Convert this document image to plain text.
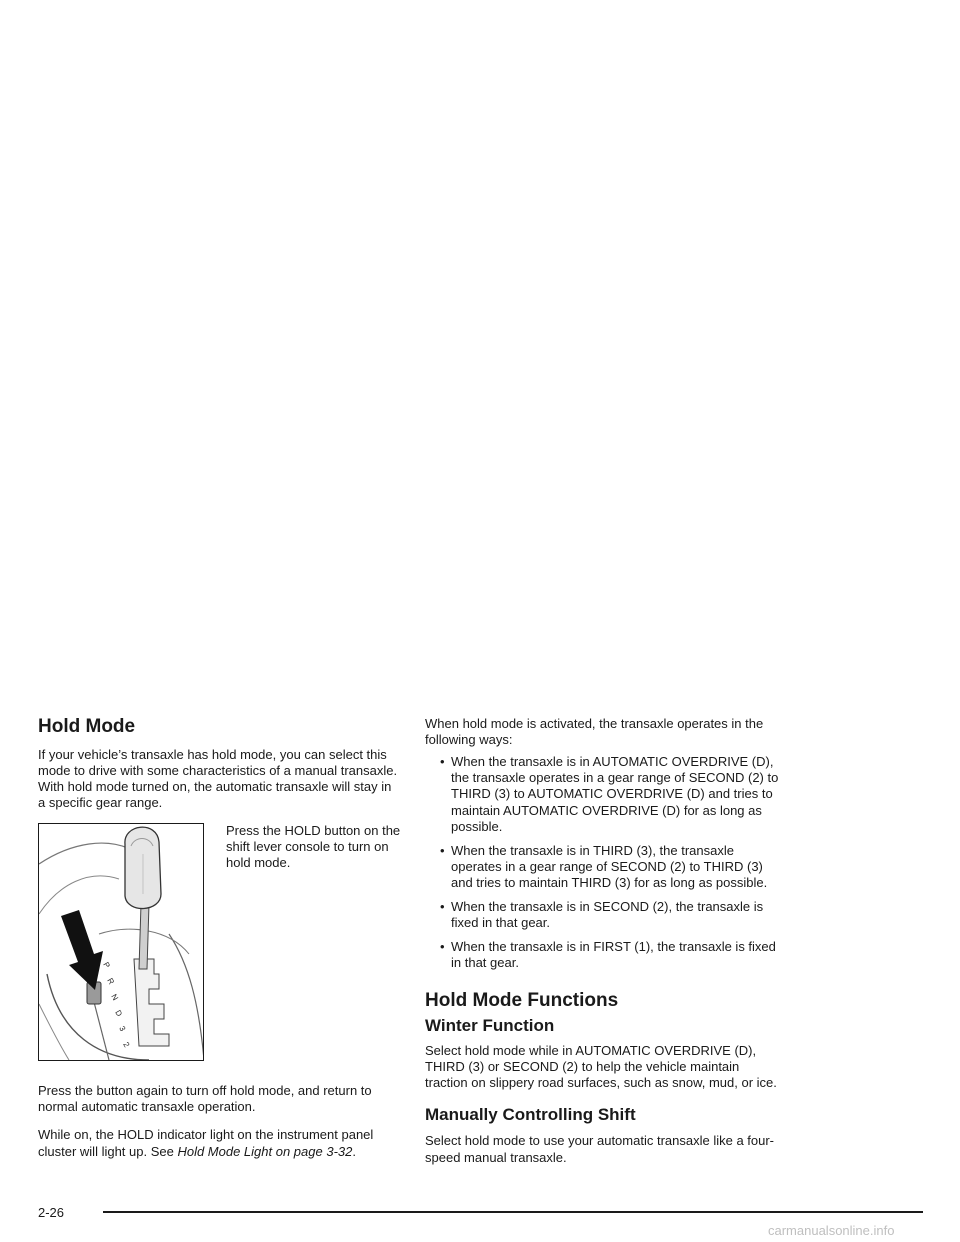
Hold Mode

If your vehicle’s transaxle has hold mode, you can select this mode to drive with some characteristics of a manual transaxle. With hold mode turned on, the automatic transaxle will stay in a specific gear range.

P
R
N
D
3
2

Press the HOLD button on the shift lever console to turn on hold mode.

Press the button again to turn off hold mode, and return to normal automatic transaxle operation.

While on, the HOLD indicator light on the instrument panel cluster will light up. See Hold Mode Light on page 3-32.

When hold mode is activated, the transaxle operates in the following ways:

• When the transaxle is in AUTOMATIC OVERDRIVE (D), the transaxle operates in a gear range of SECOND (2) to THIRD (3) to AUTOMATIC OVERDRIVE (D) and tries to maintain AUTOMATIC OVERDRIVE (D) for as long as possible.
• When the transaxle is in THIRD (3), the transaxle operates in a gear range of SECOND (2) to THIRD (3) and tries to maintain THIRD (3) for as long as possible.
• When the transaxle is in SECOND (2), the transaxle is fixed in that gear.
• When the transaxle is in FIRST (1), the transaxle is fixed in that gear.
Hold Mode Functions
Winter Function

Select hold mode while in AUTOMATIC OVERDRIVE (D), THIRD (3) or SECOND (2) to help the vehicle maintain traction on slippery road surfaces, such as snow, mud, or ice.

Manually Controlling Shift

Select hold mode to use your automatic transaxle like a four-speed manual transaxle.

2-26
carmanualsonline.info
